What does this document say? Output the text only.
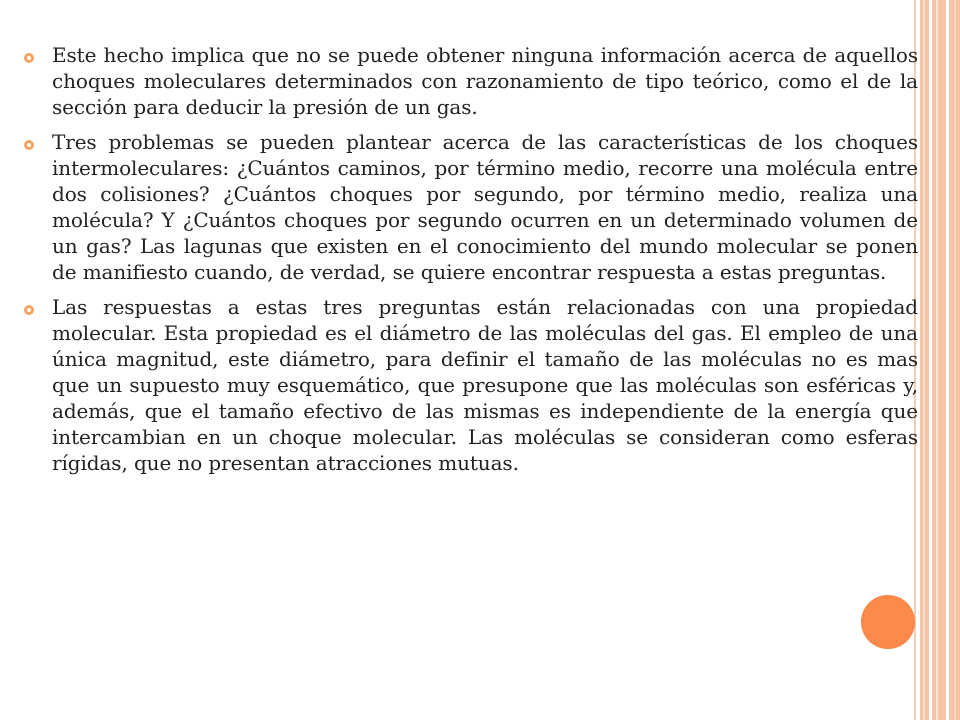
Este hecho implica que no se puede obtener ninguna información acerca de aquellos choques moleculares determinados con razonamiento de tipo teórico, como el de la sección para deducir la presión de un gas.
Tres problemas se pueden plantear acerca de las características de los choques intermoleculares: ¿Cuántos caminos, por término medio, recorre una molécula entre dos colisiones? ¿Cuántos choques por segundo, por término medio, realiza una molécula? Y ¿Cuántos choques por segundo ocurren en un determinado volumen de un gas? Las lagunas que existen en el conocimiento del mundo molecular se ponen de manifiesto cuando, de verdad, se quiere encontrar respuesta a estas preguntas.
Las respuestas a estas tres preguntas están relacionadas con una propiedad molecular. Esta propiedad es el diámetro de las moléculas del gas. El empleo de una única magnitud, este diámetro, para definir el tamaño de las moléculas no es mas que un supuesto muy esquemático, que presupone que las moléculas son esféricas y, además, que el tamaño efectivo de las mismas es independiente de la energía que intercambian en un choque molecular. Las moléculas se consideran como esferas rígidas, que no presentan atracciones mutuas.
